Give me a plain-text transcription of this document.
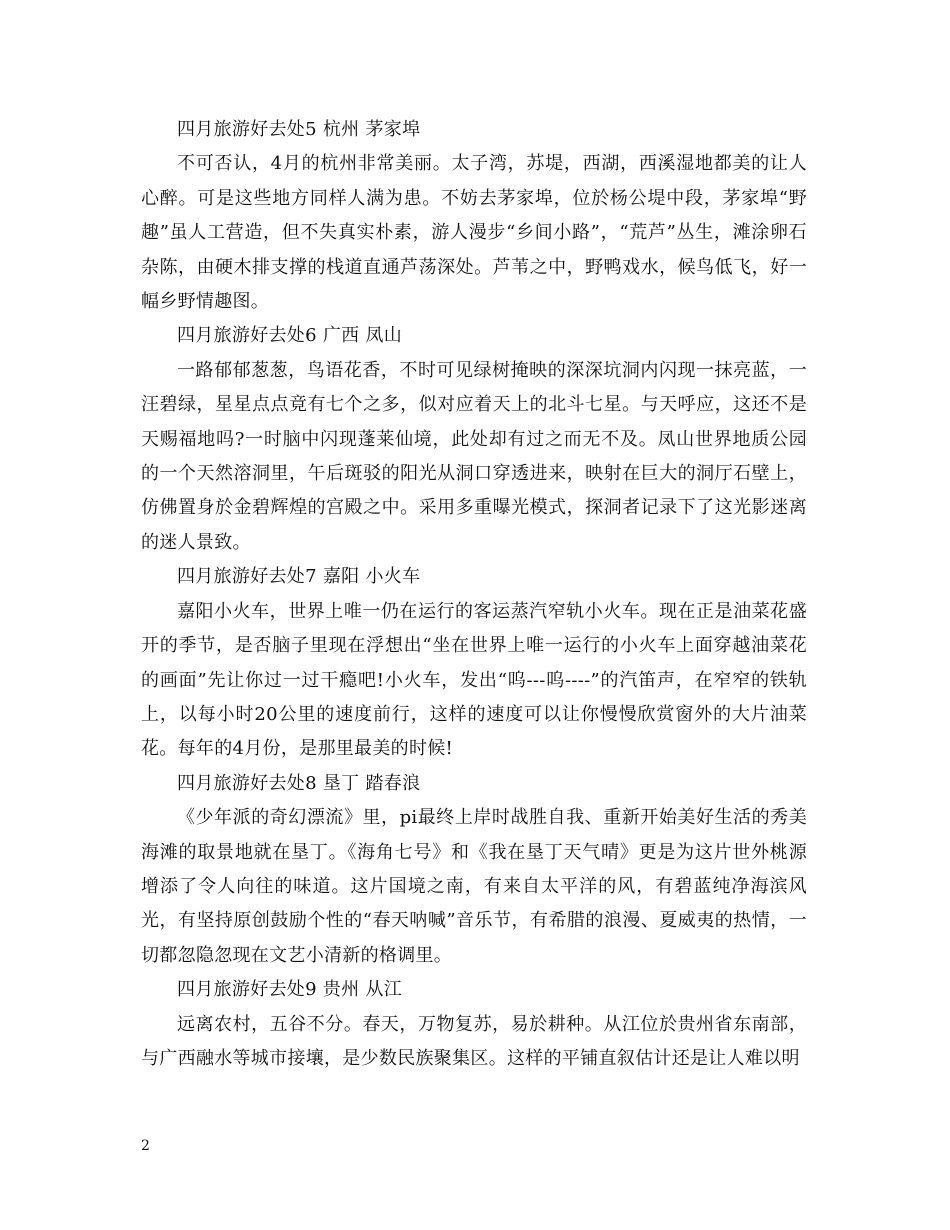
四月旅游好去处5 杭州 茅家埠

不可否认，4月的杭州非常美丽。太子湾，苏堤，西湖，西溪湿地都美的让人心醉。可是这些地方同样人满为患。不妨去茅家埠，位於杨公堤中段，茅家埠“野趣”虽人工营造，但不失真实朴素，游人漫步“乡间小路”，“荒芦”丛生，滩涂卵石杂陈，由硬木排支撑的栈道直通芦荡深处。芦苇之中，野鸭戏水，候鸟低飞，好一幅乡野情趣图。

四月旅游好去处6 广西 凤山

一路郁郁葱葱，鸟语花香，不时可见绿树掩映的深深坑洞内闪现一抹亮蓝，一汪碧绿，星星点点竟有七个之多，似对应着天上的北斗七星。与天呼应，这还不是天赐福地吗?一时脑中闪现蓬莱仙境，此处却有过之而无不及。凤山世界地质公园的一个天然溶洞里，午后斑驳的阳光从洞口穿透进来，映射在巨大的洞厅石壁上，仿佛置身於金碧辉煌的宫殿之中。采用多重曝光模式，探洞者记录下了这光影迷离的迷人景致。

四月旅游好去处7 嘉阳 小火车

嘉阳小火车，世界上唯一仍在运行的客运蒸汽窄轨小火车。现在正是油菜花盛开的季节，是否脑子里现在浮想出“坐在世界上唯一运行的小火车上面穿越油菜花的画面”先让你过一过干瘾吧!小火车，发出“呜---呜----”的汽笛声，在窄窄的铁轨上，以每小时20公里的速度前行，这样的速度可以让你慢慢欣赏窗外的大片油菜花。每年的4月份，是那里最美的时候!

四月旅游好去处8 垦丁 踏春浪

《少年派的奇幻漂流》里，pi最终上岸时战胜自我、重新开始美好生活的秀美海滩的取景地就在垦丁。《海角七号》和《我在垦丁天气晴》更是为这片世外桃源增添了令人向往的味道。这片国境之南，有来自太平洋的风，有碧蓝纯净海滨风光，有坚持原创鼓励个性的“春天呐喊”音乐节，有希腊的浪漫、夏威夷的热情，一切都忽隐忽现在文艺小清新的格调里。

四月旅游好去处9 贵州 从江

远离农村，五谷不分。春天，万物复苏，易於耕种。从江位於贵州省东南部，与广西融水等城市接壤，是少数民族聚集区。这样的平铺直叙估计还是让人难以明

2
